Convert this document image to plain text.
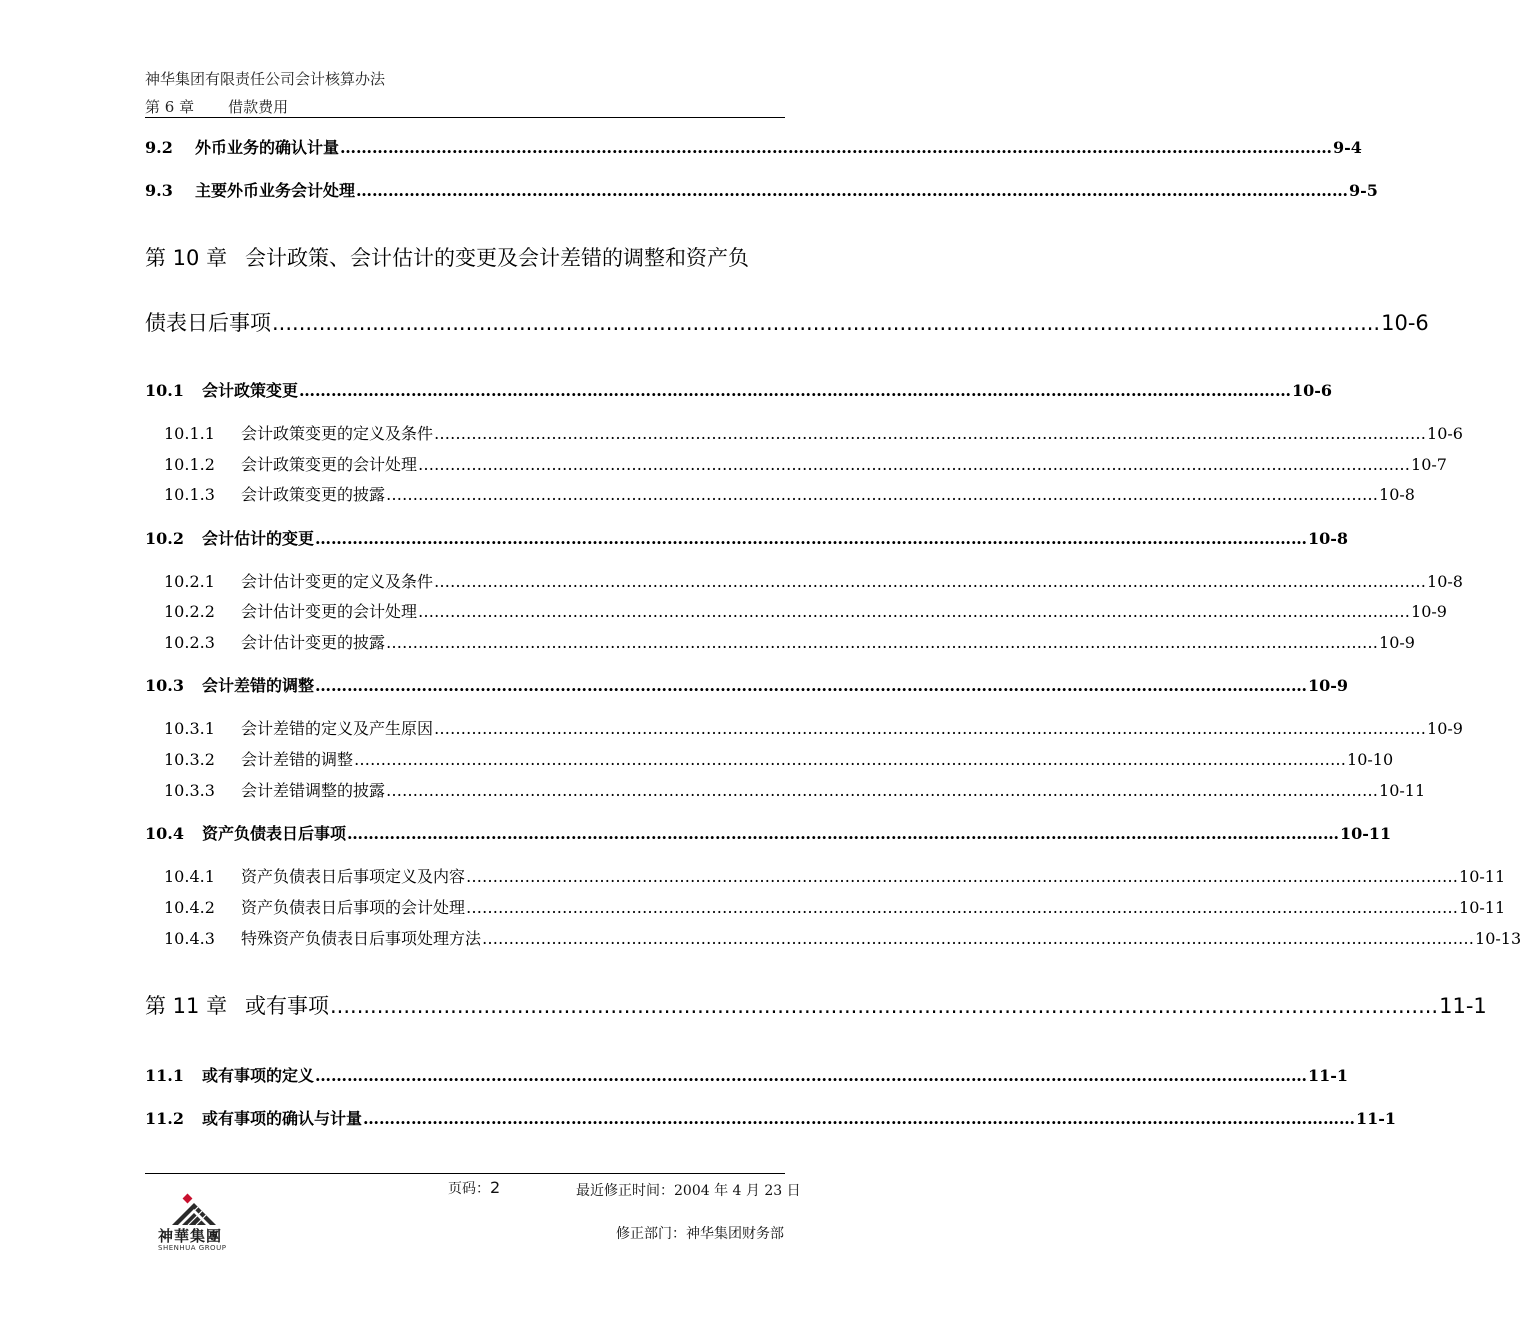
神华集团有限责任公司会计核算办法
第 6 章 借款费用
9.2	外币业务的确认计量 …………………………………………………………………………………………………………………………………………………………………… 9-4
9.3	主要外币业务会计处理 …………………………………………………………………………………………………………………………………………………………………… 9-5
第 10 章 会计政策、会计估计的变更及会计差错的调整和资产负
债表日后事项 ...................................................................................................................................................................... 10-6
10.1	会计政策变更 …………………………………………………………………………………………………………………………………………………………………… 10-6
10.1.1	会计政策变更的定义及条件 …………………………………………………………………………………………………………………………………………………………………… 10-6
10.1.2	会计政策变更的会计处理 …………………………………………………………………………………………………………………………………………………………………… 10-7
10.1.3	会计政策变更的披露 …………………………………………………………………………………………………………………………………………………………………… 10-8
10.2	会计估计的变更 …………………………………………………………………………………………………………………………………………………………………… 10-8
10.2.1	会计估计变更的定义及条件 …………………………………………………………………………………………………………………………………………………………………… 10-8
10.2.2	会计估计变更的会计处理 …………………………………………………………………………………………………………………………………………………………………… 10-9
10.2.3	会计估计变更的披露 …………………………………………………………………………………………………………………………………………………………………… 10-9
10.3	会计差错的调整 …………………………………………………………………………………………………………………………………………………………………… 10-9
10.3.1	会计差错的定义及产生原因 …………………………………………………………………………………………………………………………………………………………………… 10-9
10.3.2	会计差错的调整 …………………………………………………………………………………………………………………………………………………………………… 10-10
10.3.3	会计差错调整的披露 …………………………………………………………………………………………………………………………………………………………………… 10-11
10.4	资产负债表日后事项 …………………………………………………………………………………………………………………………………………………………………… 10-11
10.4.1	资产负债表日后事项定义及内容 …………………………………………………………………………………………………………………………………………………………………… 10-11
10.4.2	资产负债表日后事项的会计处理 …………………………………………………………………………………………………………………………………………………………………… 10-11
10.4.3	特殊资产负债表日后事项处理方法 …………………………………………………………………………………………………………………………………………………………………… 10-13
第 11 章 或有事项 ...................................................................................................................................................................... 11-1
11.1	或有事项的定义 …………………………………………………………………………………………………………………………………………………………………… 11-1
11.2	或有事项的确认与计量 …………………………………………………………………………………………………………………………………………………………………… 11-1
页码：2	最近修正时间：2004 年 4 月 23 日
修正部门：神华集团财务部
神華集團
SHENHUA GROUP
